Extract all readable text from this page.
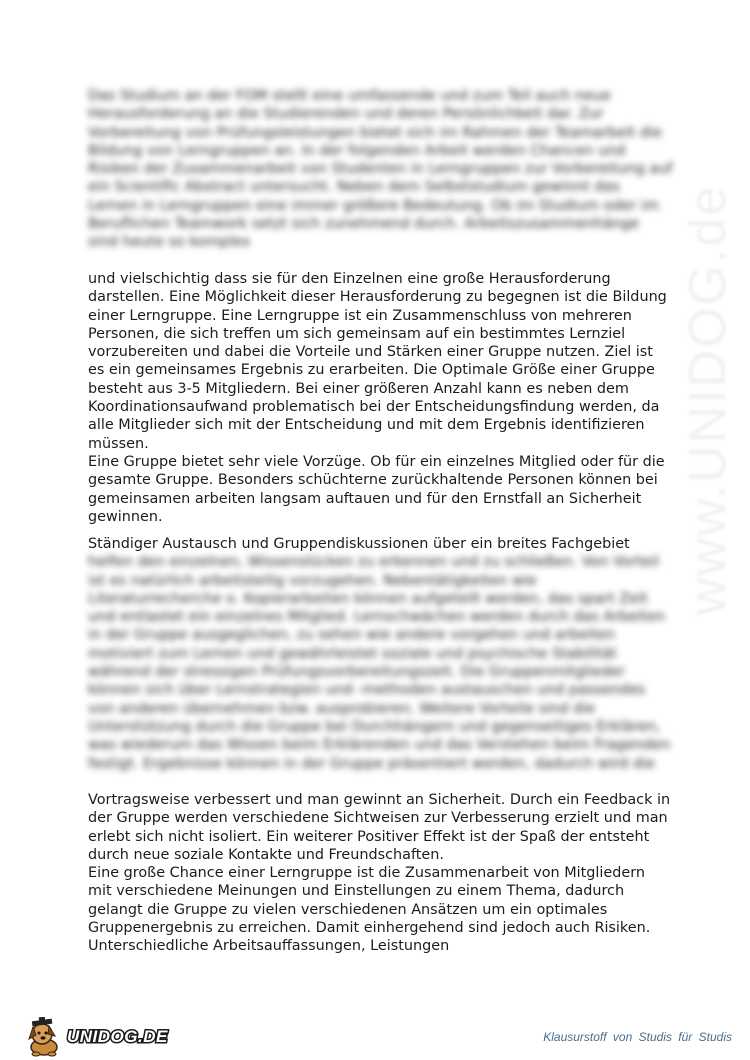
www.UNIDOG.de

Das Studium an der FOM stellt eine umfassende und zum Teil auch neue Herausforderung an die Studierenden und deren Persönlichkeit dar. Zur Vorbereitung von Prüfungsleistungen bietet sich im Rahmen der Teamarbeit die Bildung von Lerngruppen an. In der folgenden Arbeit werden Chancen und Risiken der Zusammenarbeit von Studenten in Lerngruppen zur Vorbereitung auf ein Scientific Abstract untersucht. Neben dem Selbststudium gewinnt das Lernen in Lerngruppen eine immer größere Bedeutung. Ob im Studium oder im Beruflichen Teamwork setzt sich zunehmend durch. Arbeitszusammenhänge sind heute so komplex

und vielschichtig dass sie für den Einzelnen eine große Herausforderung darstellen. Eine Möglichkeit dieser Herausforderung zu begegnen ist die Bildung einer Lerngruppe. Eine Lerngruppe ist ein Zusammenschluss von mehreren Personen, die sich treffen um sich gemeinsam auf ein bestimmtes Lernziel vorzubereiten und dabei die Vorteile und Stärken einer Gruppe nutzen. Ziel ist es ein gemeinsames Ergebnis zu erarbeiten. Die Optimale Größe einer Gruppe besteht aus 3-5 Mitgliedern. Bei einer größeren Anzahl kann es neben dem Koordinationsaufwand problematisch bei der Entscheidungsfindung werden, da alle Mitglieder sich mit der Entscheidung und mit dem Ergebnis identifizieren müssen.

Eine Gruppe bietet sehr viele Vorzüge. Ob für ein einzelnes Mitglied oder für die gesamte Gruppe. Besonders schüchterne zurückhaltende Personen können bei gemeinsamen arbeiten langsam auftauen und für den Ernstfall an Sicherheit gewinnen.

Ständiger Austausch und Gruppendiskussionen über ein breites Fachgebiet

helfen den einzelnen, Wissenslücken zu erkennen und zu schließen. Von Vorteil ist es natürlich arbeitsteilig vorzugehen. Nebentätigkeiten wie Literaturrecherche o. Kopierarbeiten können aufgeteilt werden, das spart Zeit und entlastet ein einzelnes Mitglied. Lernschwächen werden durch das Arbeiten in der Gruppe ausgeglichen, zu sehen wie andere vorgehen und arbeiten motiviert zum Lernen und gewährleistet soziale und psychische Stabilität während der stressigen Prüfungsvorbereitungszeit. Die Gruppenmitglieder können sich über Lernstrategien und -methoden austauschen und passendes von anderen übernehmen bzw. ausprobieren. Weitere Vorteile sind die Unterstützung durch die Gruppe bei Durchhängern und gegenseitiges Erklären, was wiederum das Wissen beim Erklärenden und das Verstehen beim Fragenden festigt. Ergebnisse können in der Gruppe präsentiert werden, dadurch wird die

Vortragsweise verbessert und man gewinnt an Sicherheit. Durch ein Feedback in der Gruppe werden verschiedene Sichtweisen zur Verbesserung erzielt und man erlebt sich nicht isoliert. Ein weiterer Positiver Effekt ist der Spaß der entsteht durch neue soziale Kontakte und Freundschaften.

Eine große Chance einer Lerngruppe ist die Zusammenarbeit von Mitgliedern mit verschiedene Meinungen und Einstellungen zu einem Thema, dadurch gelangt die Gruppe zu vielen verschiedenen Ansätzen um ein optimales Gruppenergebnis zu erreichen. Damit einhergehend sind jedoch auch Risiken. Unterschiedliche Arbeitsauffassungen, Leistungen

UNIDOG.DE	Klausurstoff von Studis für Studis
